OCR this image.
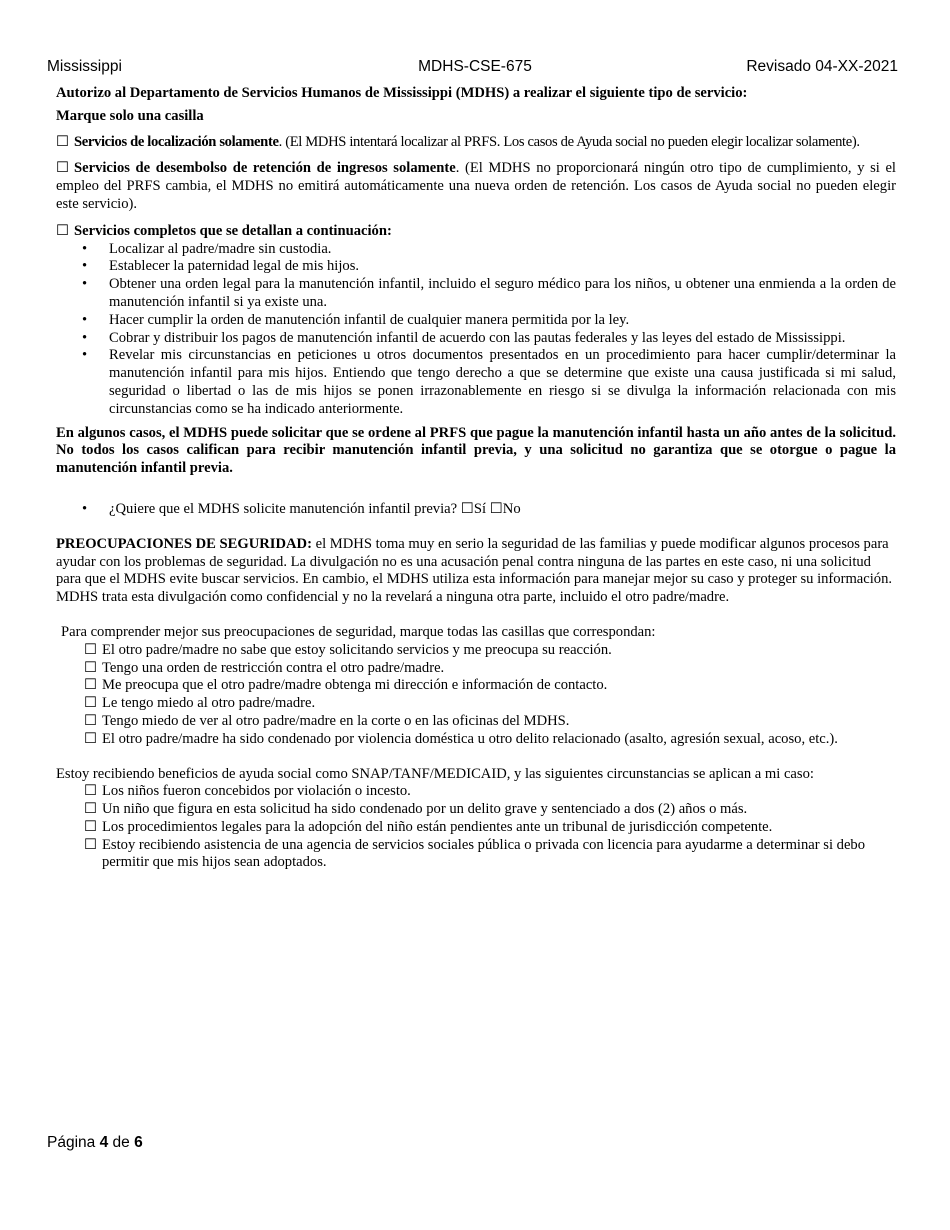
Mississippi	MDHS-CSE-675	Revisado 04-XX-2021

Autorizo al Departamento de Servicios Humanos de Mississippi (MDHS) a realizar el siguiente tipo de servicio:

Marque solo una casilla

☐ Servicios de localización solamente. (El MDHS intentará localizar al PRFS. Los casos de Ayuda social no pueden elegir localizar solamente).

☐ Servicios de desembolso de retención de ingresos solamente. (El MDHS no proporcionará ningún otro tipo de cumplimiento, y si el empleo del PRFS cambia, el MDHS no emitirá automáticamente una nueva orden de retención. Los casos de Ayuda social no pueden elegir este servicio).

☐ Servicios completos que se detallan a continuación:

• Localizar al padre/madre sin custodia.
• Establecer la paternidad legal de mis hijos.
• Obtener una orden legal para la manutención infantil, incluido el seguro médico para los niños, u obtener una enmienda a la orden de manutención infantil si ya existe una.
• Hacer cumplir la orden de manutención infantil de cualquier manera permitida por la ley.
• Cobrar y distribuir los pagos de manutención infantil de acuerdo con las pautas federales y las leyes del estado de Mississippi.
• Revelar mis circunstancias en peticiones u otros documentos presentados en un procedimiento para hacer cumplir/determinar la manutención infantil para mis hijos. Entiendo que tengo derecho a que se determine que existe una causa justificada si mi salud, seguridad o libertad o las de mis hijos se ponen irrazonablemente en riesgo si se divulga la información relacionada con mis circunstancias como se ha indicado anteriormente.

En algunos casos, el MDHS puede solicitar que se ordene al PRFS que pague la manutención infantil hasta un año antes de la solicitud. No todos los casos califican para recibir manutención infantil previa, y una solicitud no garantiza que se otorgue o pague la manutención infantil previa.

• ¿Quiere que el MDHS solicite manutención infantil previa? ☐Sí ☐No

PREOCUPACIONES DE SEGURIDAD: el MDHS toma muy en serio la seguridad de las familias y puede modificar algunos procesos para ayudar con los problemas de seguridad. La divulgación no es una acusación penal contra ninguna de las partes en este caso, ni una solicitud para que el MDHS evite buscar servicios. En cambio, el MDHS utiliza esta información para manejar mejor su caso y proteger su información. MDHS trata esta divulgación como confidencial y no la revelará a ninguna otra parte, incluido el otro padre/madre.

Para comprender mejor sus preocupaciones de seguridad, marque todas las casillas que correspondan:

☐ El otro padre/madre no sabe que estoy solicitando servicios y me preocupa su reacción.
☐ Tengo una orden de restricción contra el otro padre/madre.
☐ Me preocupa que el otro padre/madre obtenga mi dirección e información de contacto.
☐ Le tengo miedo al otro padre/madre.
☐ Tengo miedo de ver al otro padre/madre en la corte o en las oficinas del MDHS.
☐ El otro padre/madre ha sido condenado por violencia doméstica u otro delito relacionado (asalto, agresión sexual, acoso, etc.).

Estoy recibiendo beneficios de ayuda social como SNAP/TANF/MEDICAID, y las siguientes circunstancias se aplican a mi caso:

☐ Los niños fueron concebidos por violación o incesto.
☐ Un niño que figura en esta solicitud ha sido condenado por un delito grave y sentenciado a dos (2) años o más.
☐ Los procedimientos legales para la adopción del niño están pendientes ante un tribunal de jurisdicción competente.
☐ Estoy recibiendo asistencia de una agencia de servicios sociales pública o privada con licencia para ayudarme a determinar si debo permitir que mis hijos sean adoptados.
Página 4 de 6
